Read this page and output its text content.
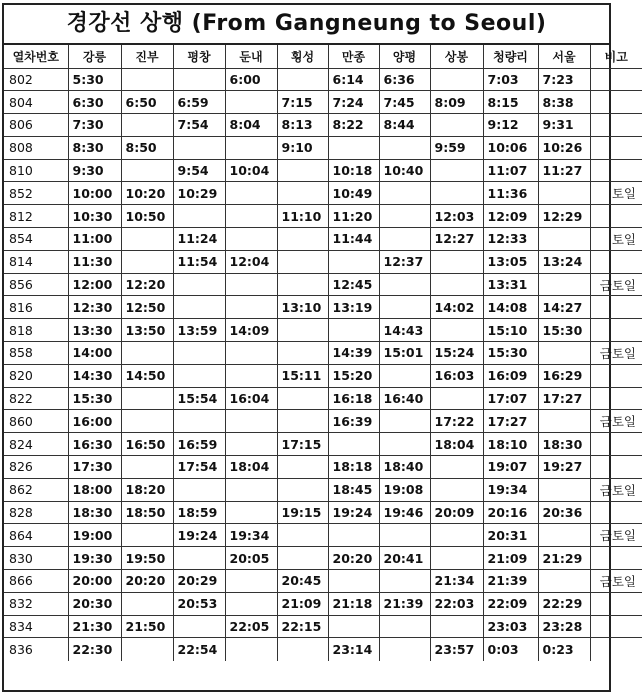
경강선 상행 (From Gangneung to Seoul)
열차번호	강릉	진부	평창	둔내	횡성	만종	양평	상봉	청량리	서울	비고
802	5:30			6:00		6:14	6:36		7:03	7:23	
804	6:30	6:50	6:59		7:15	7:24	7:45	8:09	8:15	8:38	
806	7:30		7:54	8:04	8:13	8:22	8:44		9:12	9:31	
808	8:30	8:50			9:10			9:59	10:06	10:26	
810	9:30		9:54	10:04		10:18	10:40		11:07	11:27	
852	10:00	10:20	10:29			10:49			11:36		토일
812	10:30	10:50			11:10	11:20		12:03	12:09	12:29	
854	11:00		11:24			11:44		12:27	12:33		토일
814	11:30		11:54	12:04			12:37		13:05	13:24	
856	12:00	12:20				12:45			13:31		금토일
816	12:30	12:50			13:10	13:19		14:02	14:08	14:27	
818	13:30	13:50	13:59	14:09			14:43		15:10	15:30	
858	14:00					14:39	15:01	15:24	15:30		금토일
820	14:30	14:50			15:11	15:20		16:03	16:09	16:29	
822	15:30		15:54	16:04		16:18	16:40		17:07	17:27	
860	16:00					16:39		17:22	17:27		금토일
824	16:30	16:50	16:59		17:15			18:04	18:10	18:30	
826	17:30		17:54	18:04		18:18	18:40		19:07	19:27	
862	18:00	18:20				18:45	19:08		19:34		금토일
828	18:30	18:50	18:59		19:15	19:24	19:46	20:09	20:16	20:36	
864	19:00		19:24	19:34					20:31		금토일
830	19:30	19:50		20:05		20:20	20:41		21:09	21:29	
866	20:00	20:20	20:29		20:45			21:34	21:39		금토일
832	20:30		20:53		21:09	21:18	21:39	22:03	22:09	22:29	
834	21:30	21:50		22:05	22:15				23:03	23:28	
836	22:30		22:54			23:14		23:57	0:03	0:23	
